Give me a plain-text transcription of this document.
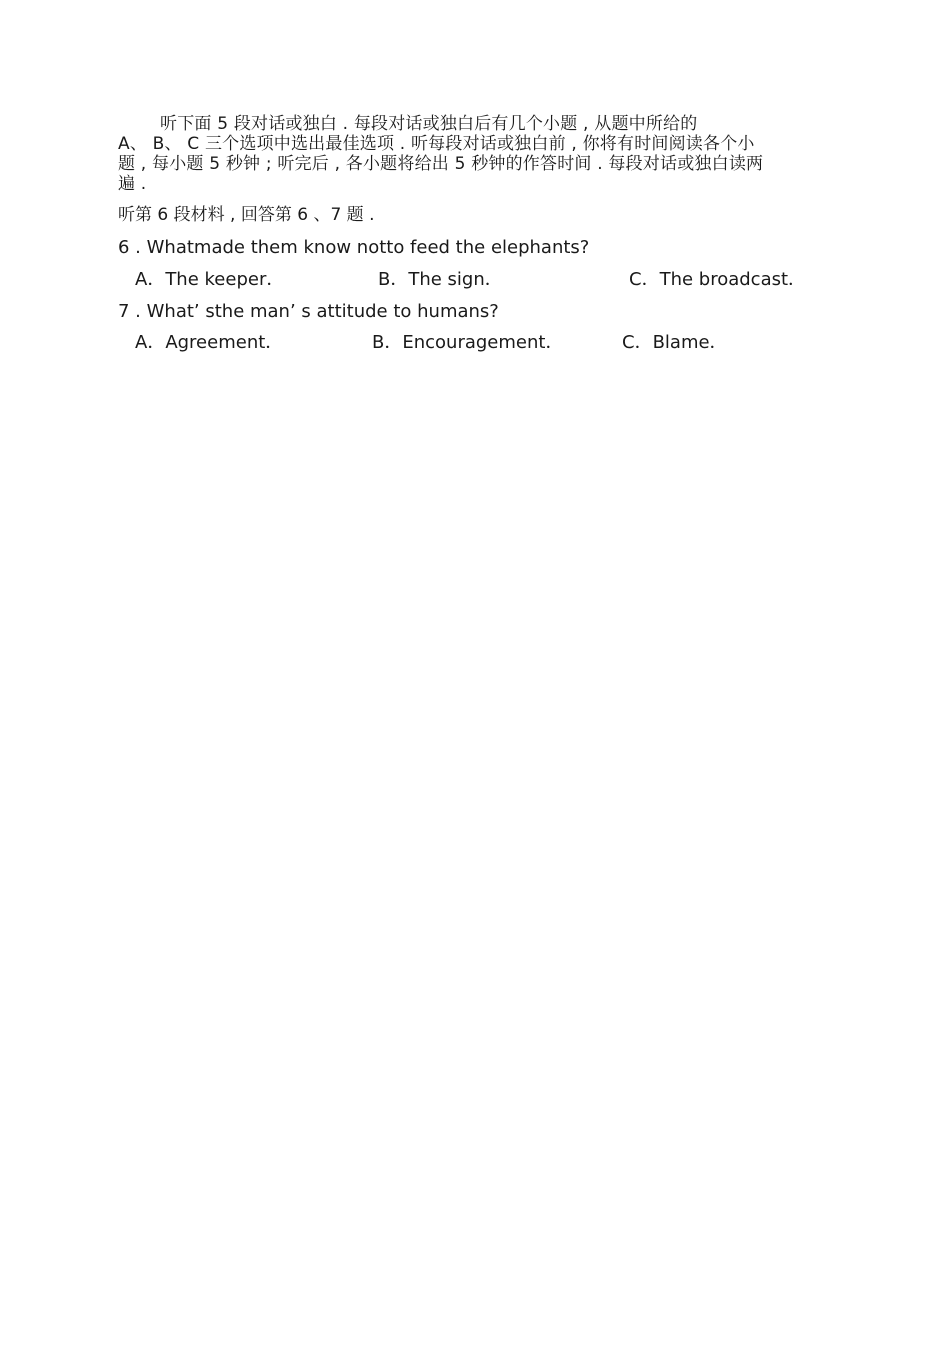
听下面 5 段对话或独白 . 每段对话或独白后有几个小题 , 从题中所给的
A、 B、 C 三个选项中选出最佳选项 . 听每段对话或独白前 , 你将有时间阅读各个小
题 , 每小题 5 秒钟 ; 听完后 , 各小题将给出 5 秒钟的作答时间 . 每段对话或独白读两
遍 .
听第 6 段材料 , 回答第 6 、7 题 .
6 . Whatmade them know notto feed the elephants?
A．The keeper．	B．The sign．	C．The broadcast．
7 . What’ sthe man’ s attitude to humans?
A．Agreement．	B．Encouragement．	C．Blame．
